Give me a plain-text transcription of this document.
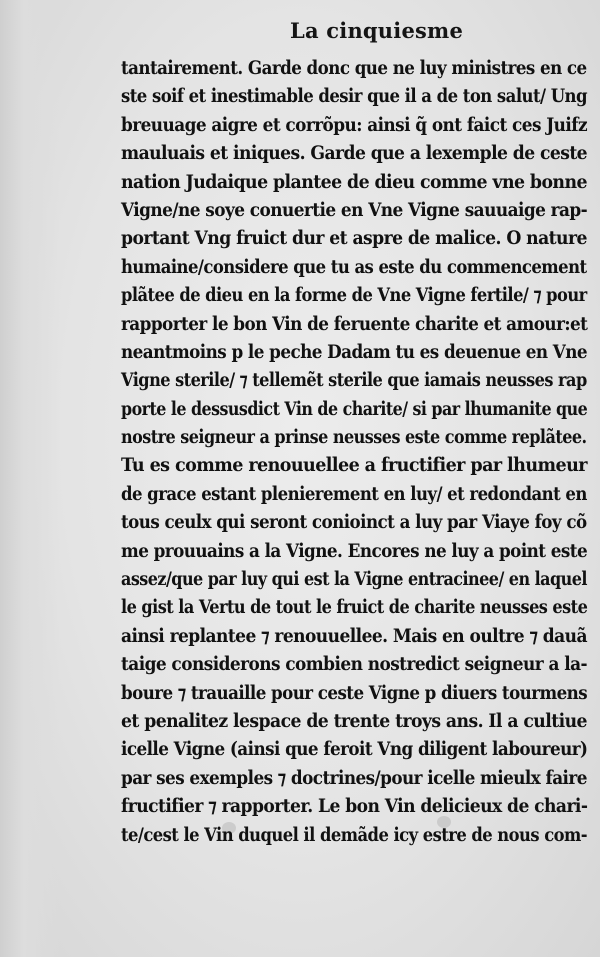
La cinquiesme
tantairement. Garde donc que ne luy ministres en ce
ste soif et inestimable desir que il a de ton salut/ Ung
breuuage aigre et corrõpu: ainsi q̃ ont faict ces Juifz
mauluais et iniques. Garde que a lexemple de ceste
nation Judaique plantee de dieu comme vne bonne
Vigne/ne soye conuertie en Vne Vigne sauuaige rap-
portant Vng fruict dur et aspre de malice. O nature
humaine/considere que tu as este du commencement
plãtee de dieu en la forme de Vne Vigne fertile/ ⁊ pour
rapporter le bon Vin de feruente charite et amour:et
neantmoins p le peche Dadam tu es deuenue en Vne
Vigne sterile/ ⁊ tellemẽt sterile que iamais neusses rap
porte le dessusdict Vin de charite/ si par lhumanite que
nostre seigneur a prinse neusses este comme replãtee.
Tu es comme renouuellee a fructifier par lhumeur
de grace estant plenierement en luy/ et redondant en
tous ceulx qui seront conioinct a luy par Viaye foy cõ
me prouuains a la Vigne. Encores ne luy a point este
assez/que par luy qui est la Vigne entracinee/ en laquel
le gist la Vertu de tout le fruict de charite neusses este
ainsi replantee ⁊ renouuellee. Mais en oultre ⁊ dauã
taige considerons combien nostredict seigneur a la-
boure ⁊ trauaille pour ceste Vigne p diuers tourmens
et penalitez lespace de trente troys ans. Il a cultiue
icelle Vigne (ainsi que feroit Vng diligent laboureur)
par ses exemples ⁊ doctrines/pour icelle mieulx faire
fructifier ⁊ rapporter. Le bon Vin delicieux de chari-
te/cest le Vin duquel il demãde icy estre de nous com-
